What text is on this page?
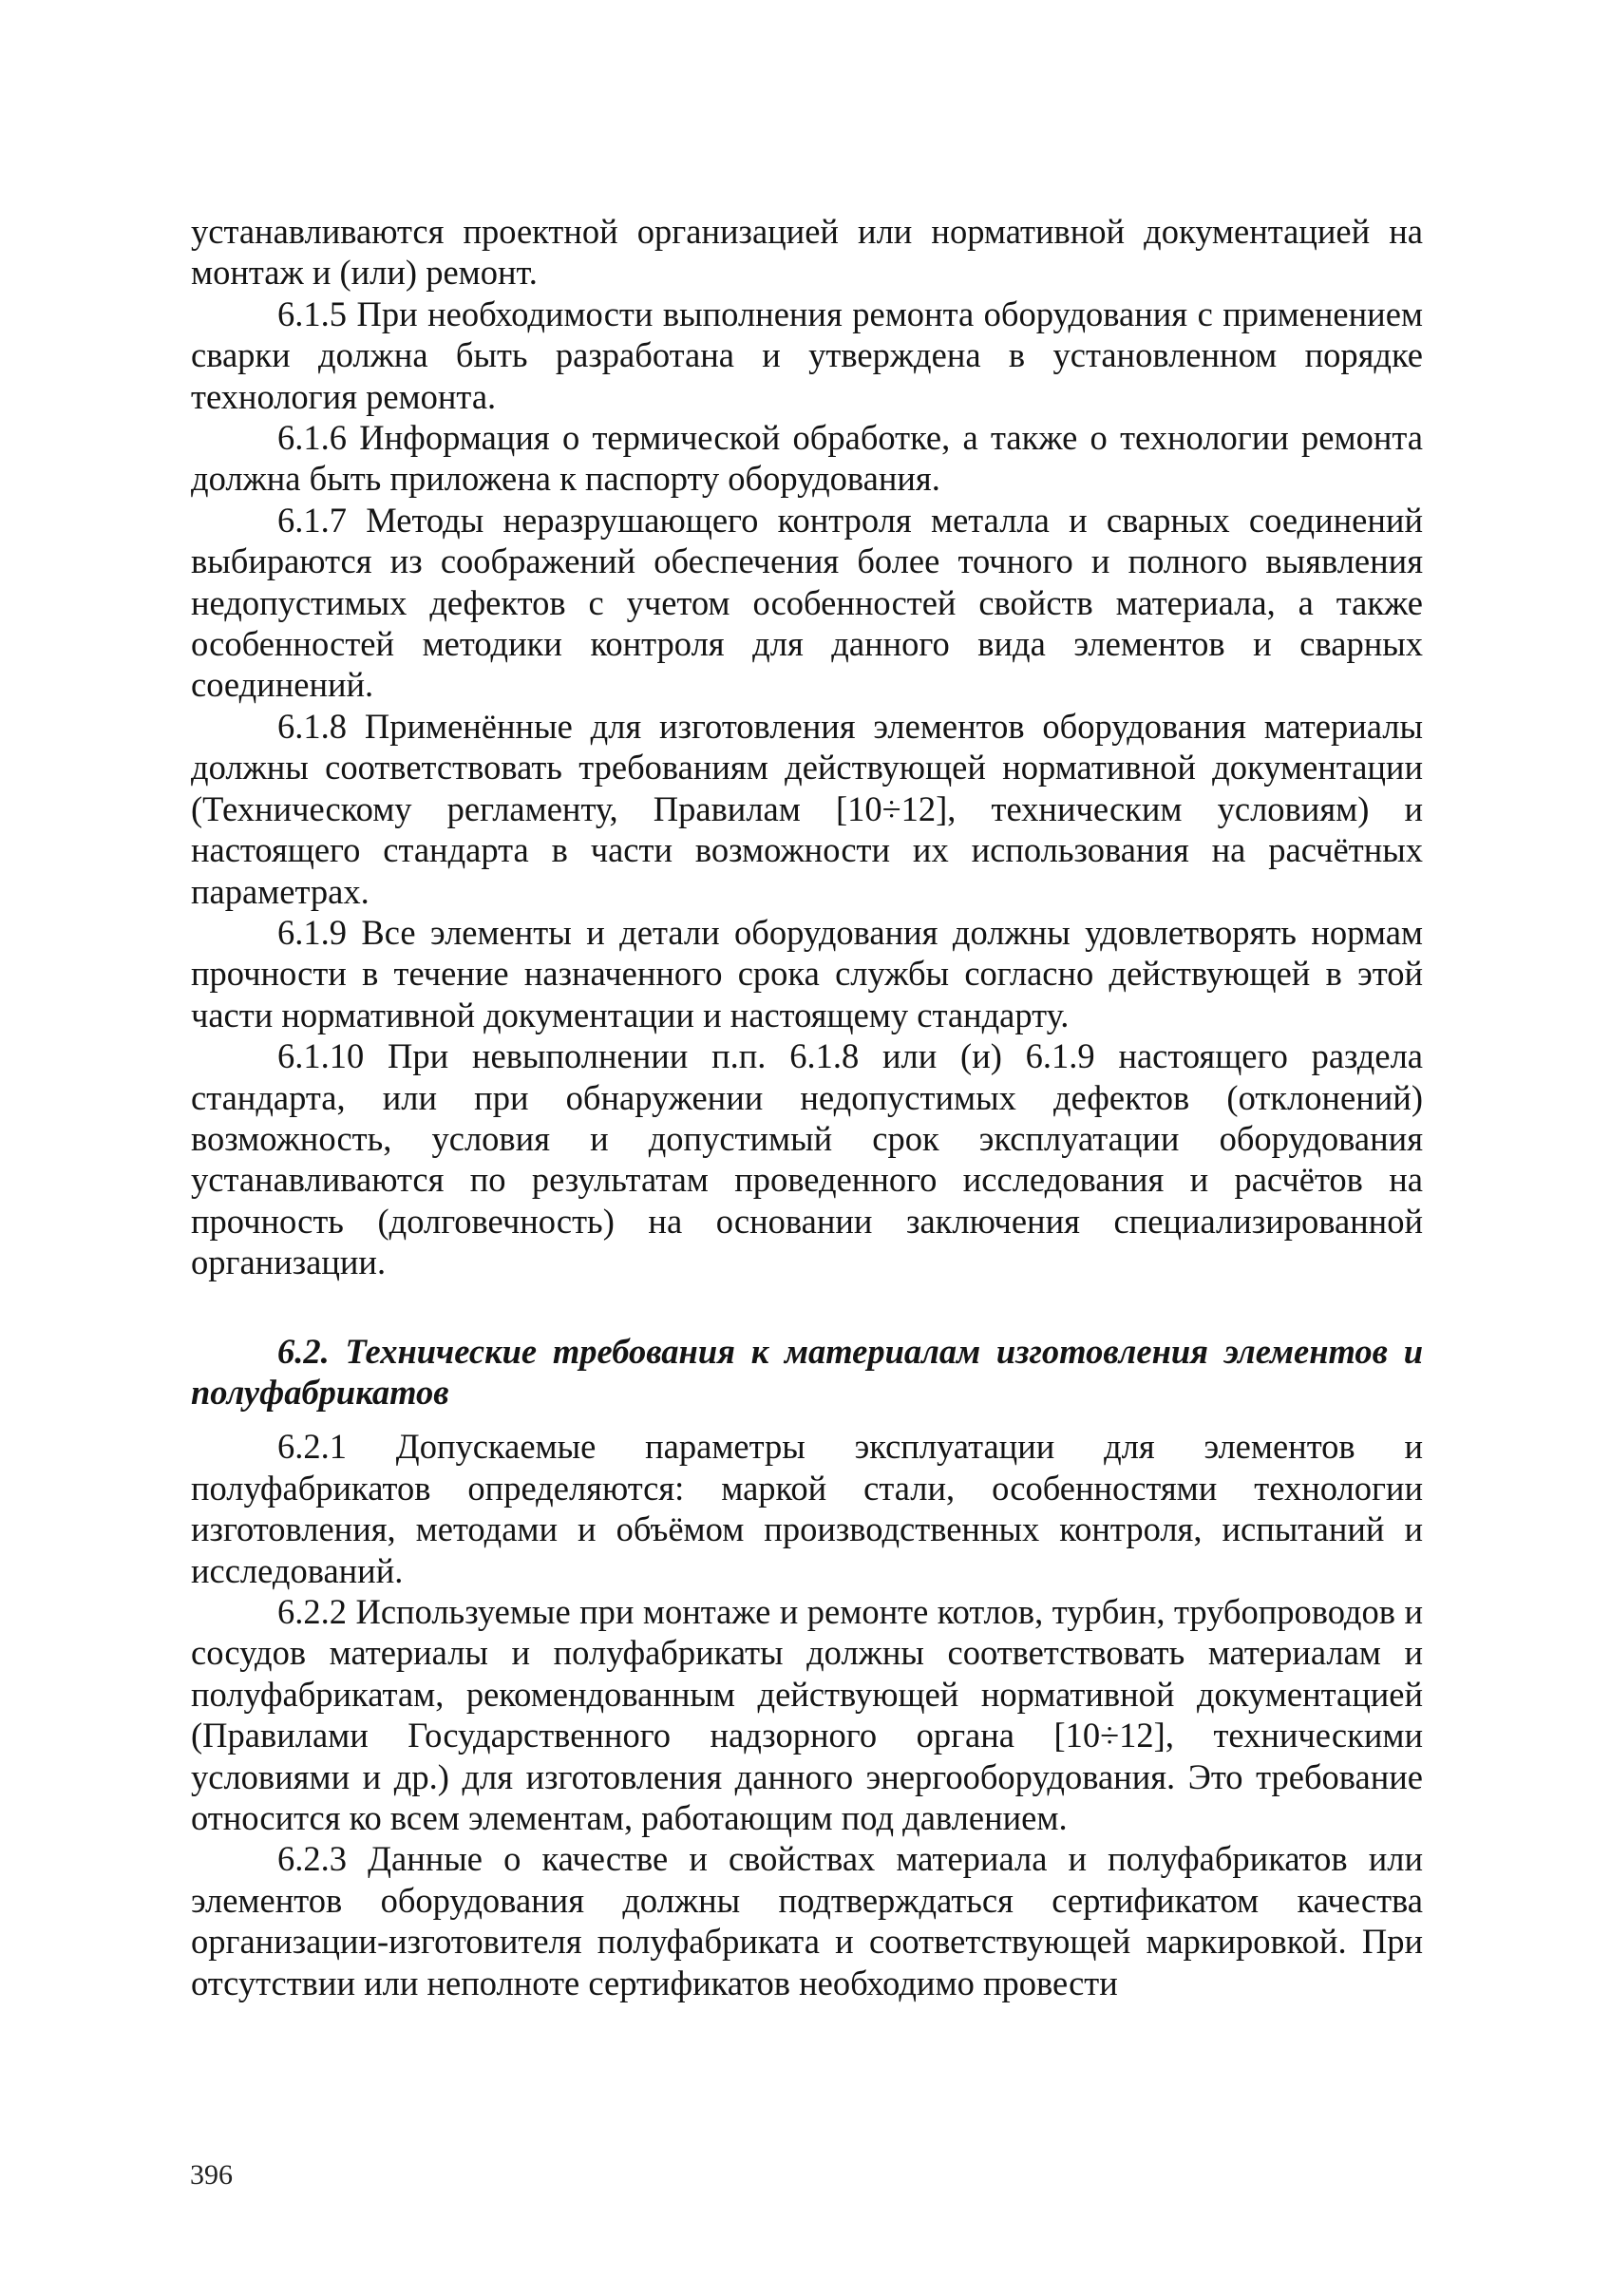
устанавливаются проектной организацией или нормативной документацией на монтаж и (или) ремонт.

6.1.5 При необходимости выполнения ремонта оборудования с применением сварки должна быть разработана и утверждена в установленном порядке технология ремонта.

6.1.6 Информация о термической обработке, а также о технологии ремонта должна быть приложена к паспорту оборудования.

6.1.7 Методы неразрушающего контроля металла и сварных соединений выбираются из соображений обеспечения более точного и полного выявления недопустимых дефектов с учетом особенностей свойств материала, а также особенностей методики контроля для данного вида элементов и сварных соединений.

6.1.8 Применённые для изготовления элементов оборудования материалы должны соответствовать требованиям действующей нормативной документации (Техническому регламенту, Правилам [10÷12], техническим условиям) и настоящего стандарта в части возможности их использования на расчётных параметрах.

6.1.9 Все элементы и детали оборудования должны удовлетворять нормам прочности в течение назначенного срока службы согласно действующей в этой части нормативной документации и настоящему стандарту.

6.1.10 При невыполнении п.п. 6.1.8 или (и) 6.1.9 настоящего раздела стандарта, или при обнаружении недопустимых дефектов (отклонений) возможность, условия и допустимый срок эксплуатации оборудования устанавливаются по результатам проведенного исследования и расчётов на прочность (долговечность) на основании заключения специализированной организации.

6.2. Технические требования к материалам изготовления элементов и полуфабрикатов

6.2.1 Допускаемые параметры эксплуатации для элементов и полуфабрикатов определяются: маркой стали, особенностями технологии изготовления, методами и объёмом производственных контроля, испытаний и исследований.

6.2.2 Используемые при монтаже и ремонте котлов, турбин, трубопроводов и сосудов материалы и полуфабрикаты должны соответствовать материалам и полуфабрикатам, рекомендованным действующей нормативной документацией (Правилами Государственного надзорного органа [10÷12], техническими условиями и др.) для изготовления данного энергооборудования. Это требование относится ко всем элементам, работающим под давлением.

6.2.3 Данные о качестве и свойствах материала и полуфабрикатов или элементов оборудования должны подтверждаться сертификатом качества организации-изготовителя полуфабриката и соответствующей маркировкой. При отсутствии или неполноте сертификатов необходимо провести

396
